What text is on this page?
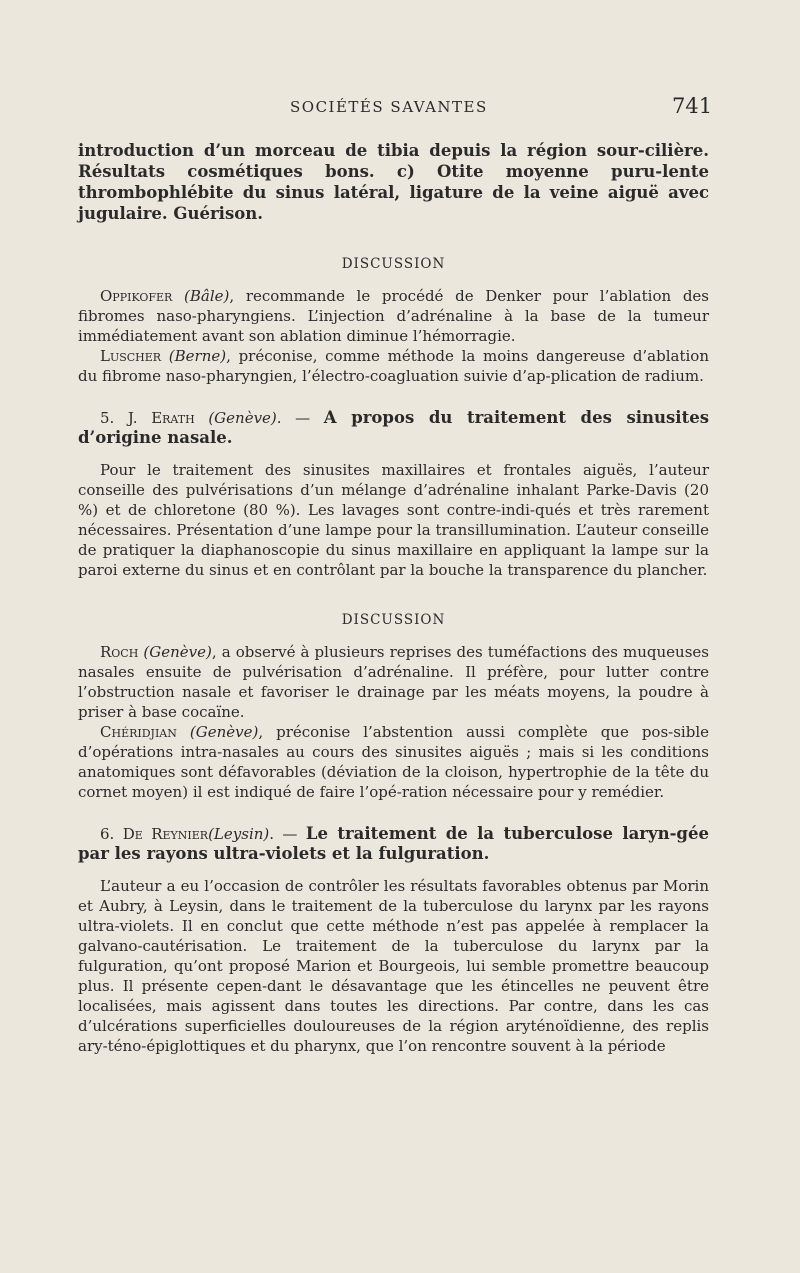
SOCIÉTÉS SAVANTES	741

introduction d’un morceau de tibia depuis la région sour-cilière. Résultats cosmétiques bons. c) Otite moyenne puru-lente thrombophlébite du sinus latéral, ligature de la veine aiguë avec jugulaire. Guérison.

DISCUSSION

Oppikofer (Bâle), recommande le procédé de Denker pour l’ablation des fibromes naso-pharyngiens. L’injection d’adrénaline à la base de la tumeur immédiatement avant son ablation diminue l’hémorragie.

Luscher (Berne), préconise, comme méthode la moins dangereuse d’ablation du fibrome naso-pharyngien, l’électro-coagluation suivie d’ap-plication de radium.

5. J. Erath (Genève). — A propos du traitement des sinusites d’origine nasale.

Pour le traitement des sinusites maxillaires et frontales aiguës, l’auteur conseille des pulvérisations d’un mélange d’adrénaline inhalant Parke-Davis (20 %) et de chloretone (80 %). Les lavages sont contre-indi-qués et très rarement nécessaires. Présentation d’une lampe pour la transillumination. L’auteur conseille de pratiquer la diaphanoscopie du sinus maxillaire en appliquant la lampe sur la paroi externe du sinus et en contrôlant par la bouche la transparence du plancher.

DISCUSSION

Roch (Genève), a observé à plusieurs reprises des tuméfactions des muqueuses nasales ensuite de pulvérisation d’adrénaline. Il préfère, pour lutter contre l’obstruction nasale et favoriser le drainage par les méats moyens, la poudre à priser à base cocaïne.

Chéridjian (Genève), préconise l’abstention aussi complète que pos-sible d’opérations intra-nasales au cours des sinusites aiguës ; mais si les conditions anatomiques sont défavorables (déviation de la cloison, hypertrophie de la tête du cornet moyen) il est indiqué de faire l’opé-ration nécessaire pour y remédier.

6. De Reynier(Leysin). — Le traitement de la tuberculose laryn-gée par les rayons ultra-violets et la fulguration.

L’auteur a eu l’occasion de contrôler les résultats favorables obtenus par Morin et Aubry, à Leysin, dans le traitement de la tuberculose du larynx par les rayons ultra-violets. Il en conclut que cette méthode n’est pas appelée à remplacer la galvano-cautérisation. Le traitement de la tuberculose du larynx par la fulguration, qu’ont proposé Marion et Bourgeois, lui semble promettre beaucoup plus. Il présente cepen-dant le désavantage que les étincelles ne peuvent être localisées, mais agissent dans toutes les directions. Par contre, dans les cas d’ulcérations superficielles douloureuses de la région aryténoïdienne, des replis ary-téno-épiglottiques et du pharynx, que l’on rencontre souvent à la période
